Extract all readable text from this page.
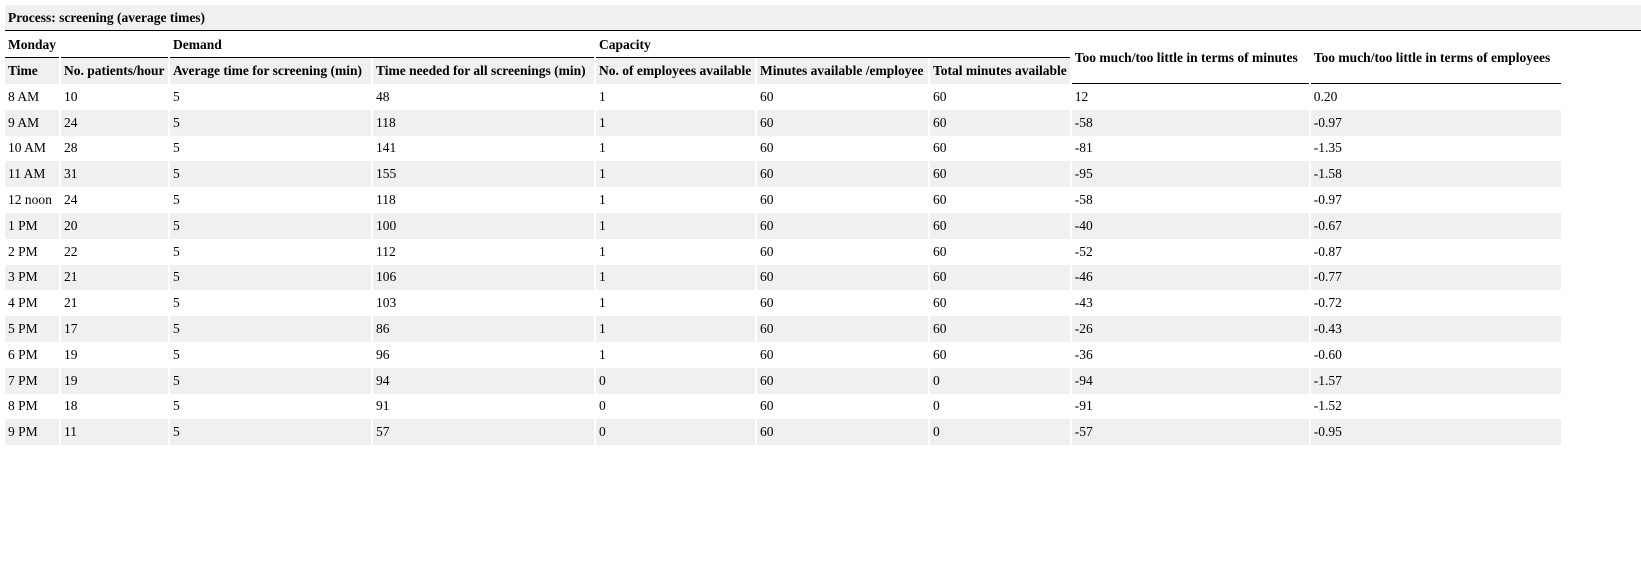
Process: screening (average times)
Monday		Demand		Capacity			Too much/too little in terms of minutes	Too much/too little in terms of employees
Time	No. patients/hour	Average time for screening (min)	Time needed for all screenings (min)	No. of employees available	Minutes available /employee	Total minutes available		
8 AM	10	5	48	1	60	60	12	0.20
9 AM	24	5	118	1	60	60	-58	-0.97
10 AM	28	5	141	1	60	60	-81	-1.35
11 AM	31	5	155	1	60	60	-95	-1.58
12 noon	24	5	118	1	60	60	-58	-0.97
1 PM	20	5	100	1	60	60	-40	-0.67
2 PM	22	5	112	1	60	60	-52	-0.87
3 PM	21	5	106	1	60	60	-46	-0.77
4 PM	21	5	103	1	60	60	-43	-0.72
5 PM	17	5	86	1	60	60	-26	-0.43
6 PM	19	5	96	1	60	60	-36	-0.60
7 PM	19	5	94	0	60	0	-94	-1.57
8 PM	18	5	91	0	60	0	-91	-1.52
9 PM	11	5	57	0	60	0	-57	-0.95
